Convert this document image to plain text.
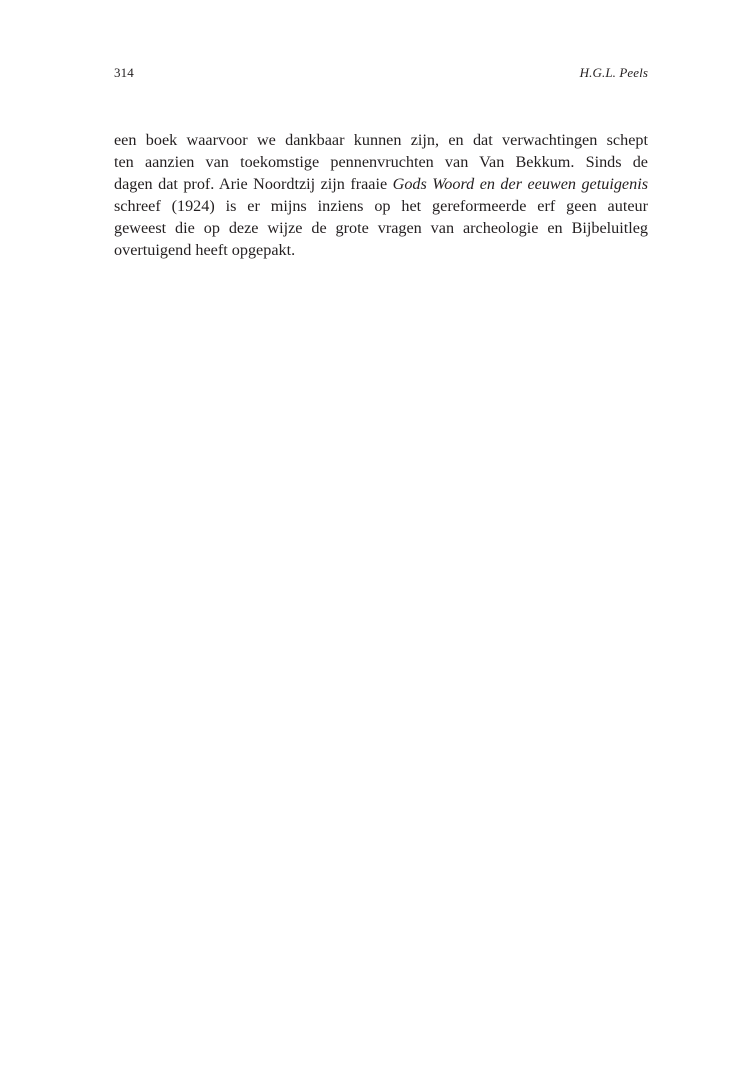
314	H.G.L. Peels
een boek waarvoor we dankbaar kunnen zijn, en dat verwachtingen schept
ten aanzien van toekomstige pennenvruchten van Van Bekkum. Sinds de
dagen dat prof. Arie Noordtzij zijn fraaie Gods Woord en der eeuwen getuigenis
schreef (1924) is er mijns inziens op het gereformeerde erf geen auteur
geweest die op deze wijze de grote vragen van archeologie en Bijbeluitleg
overtuigend heeft opgepakt.
